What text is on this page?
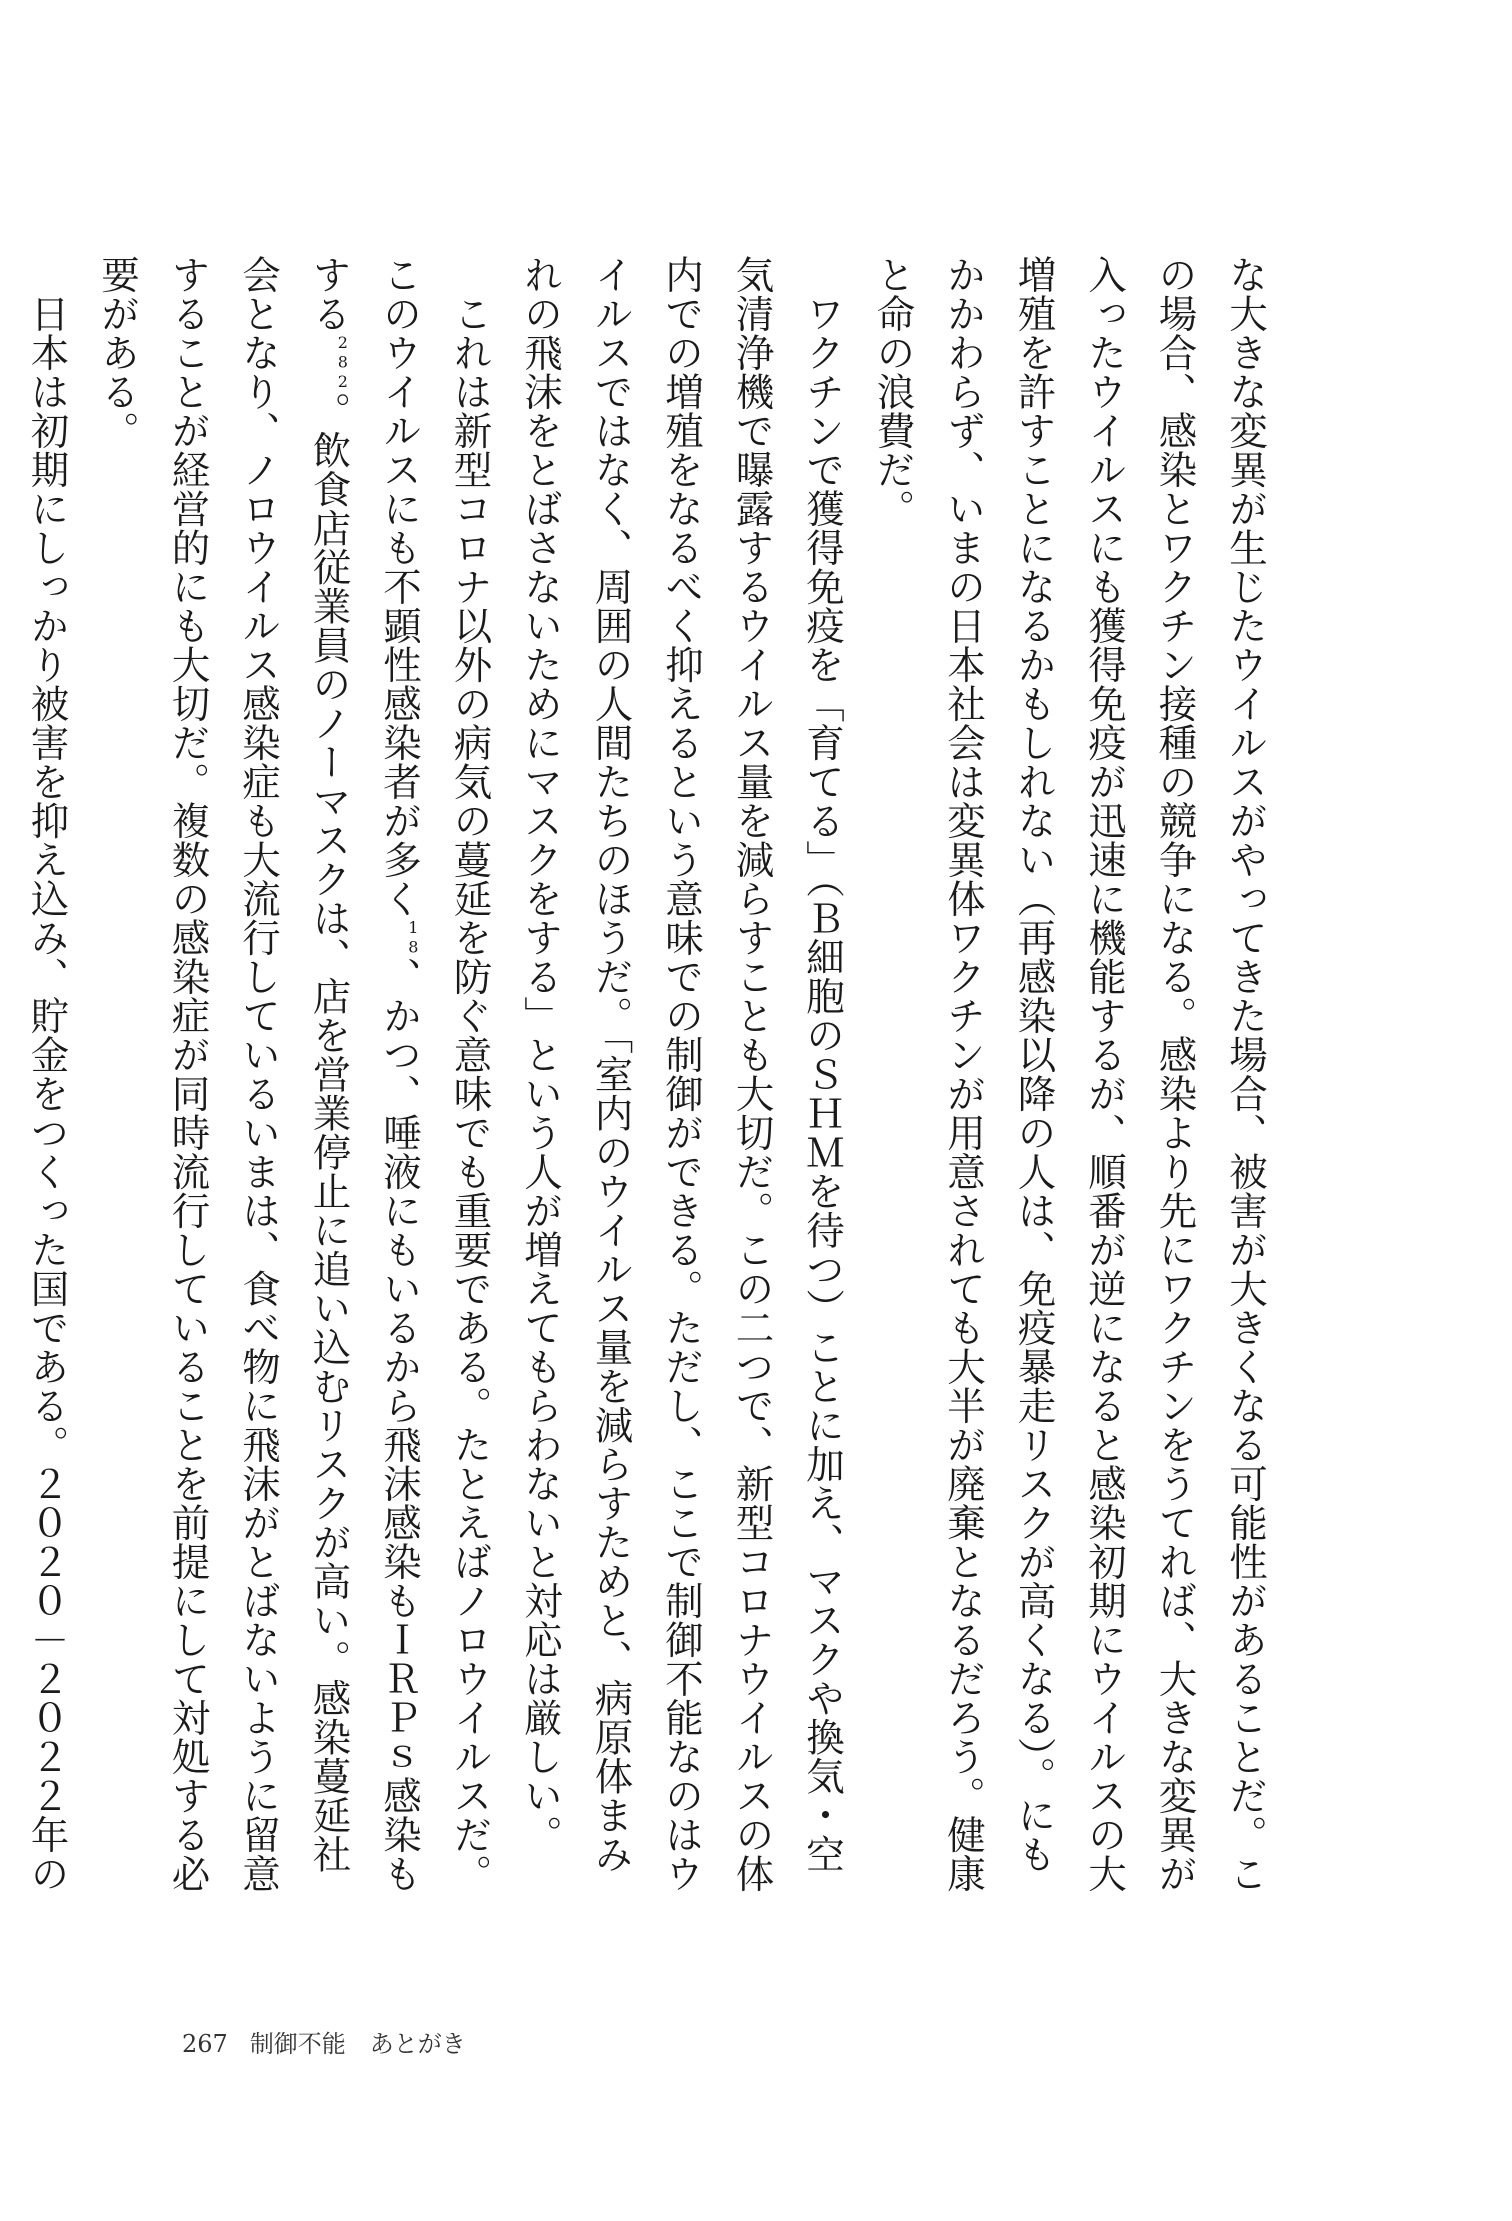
な大きな変異が生じたウイルスがやってきた場合、被害が大きくなる可能性があることだ。この場合、感染とワクチン接種の競争になる。感染より先にワクチンをうてれば、大きな変異が入ったウイルスにも獲得免疫が迅速に機能するが、順番が逆になると感染初期にウイルスの大増殖を許すことになるかもしれない（再感染以降の人は、免疫暴走リスクが高くなる）。にもかかわらず、いまの日本社会は変異体ワクチンが用意されても大半が廃棄となるだろう。健康と命の浪費だ。

ワクチンで獲得免疫を「育てる」（Ｂ細胞のＳＨＭを待つ）ことに加え、マスクや換気・空気清浄機で曝露するウイルス量を減らすことも大切だ。この二つで、新型コロナウイルスの体内での増殖をなるべく抑えるという意味での制御ができる。ただし、ここで制御不能なのはウイルスではなく、周囲の人間たちのほうだ。「室内のウイルス量を減らすためと、病原体まみれの飛沫をとばさないためにマスクをする」という人が増えてもらわないと対応は厳しい。

これは新型コロナ以外の病気の蔓延を防ぐ意味でも重要である。たとえばノロウイルスだ。このウイルスにも不顕性感染者が多く$^{18}$、かつ、唾液にもいるから飛沫感染もＩＲＰｓ感染もする$^{282}$。飲食店従業員のノーマスクは、店を営業停止に追い込むリスクが高い。感染蔓延社会となり、ノロウイルス感染症も大流行しているいまは、食べ物に飛沫がとばないように留意することが経営的にも大切だ。複数の感染症が同時流行していることを前提にして対処する必要がある。

日本は初期にしっかり被害を抑え込み、貯金をつくった国である。２０２０－２０２２年の

267 制御不能　あとがき
